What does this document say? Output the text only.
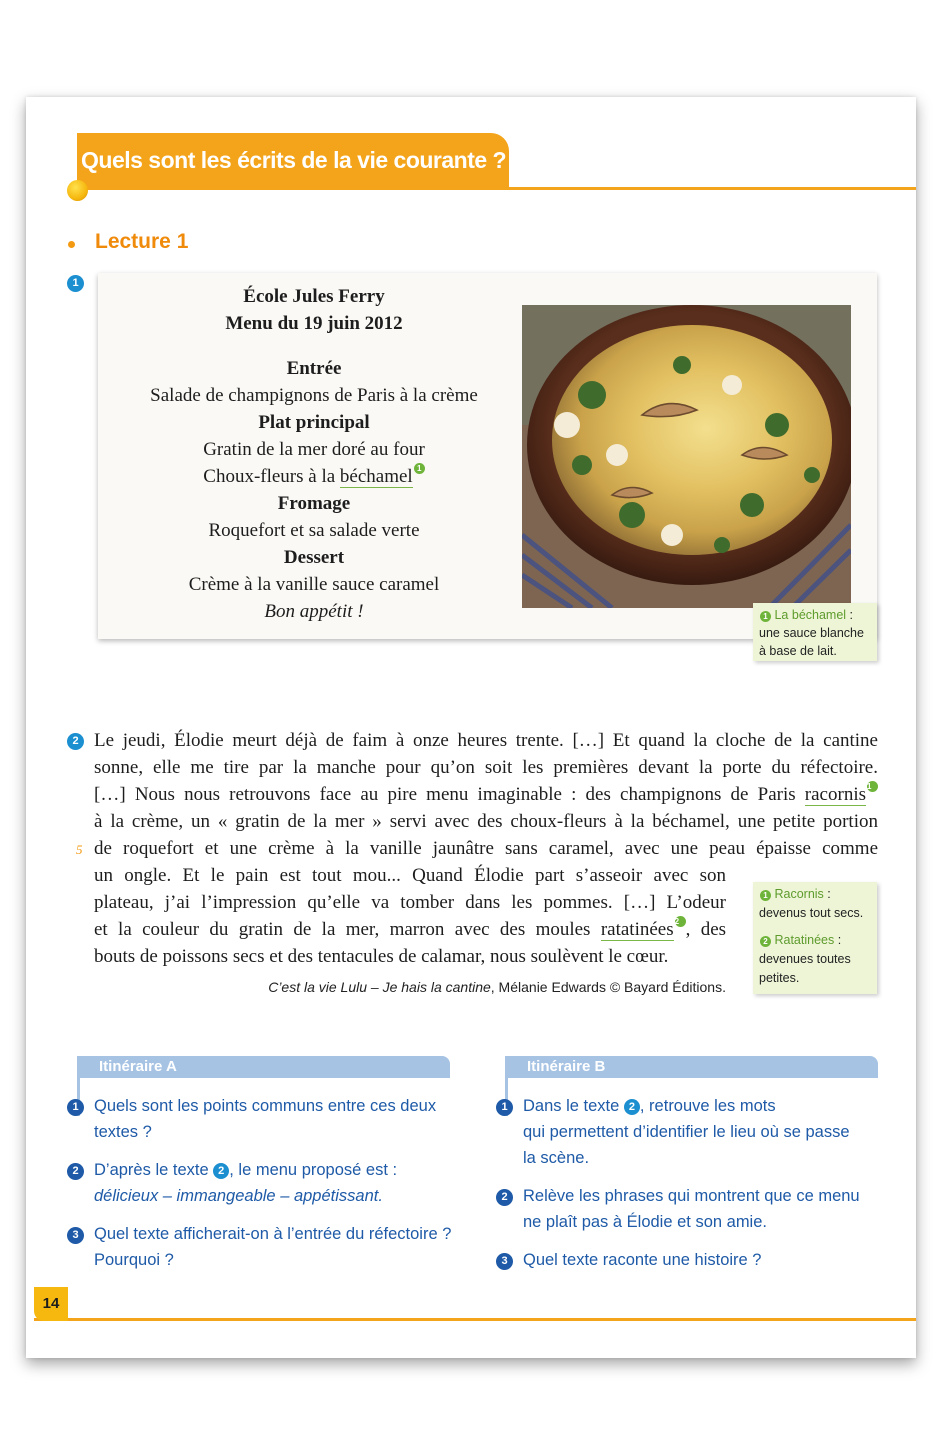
Quels sont les écrits de la vie courante ?
Lecture 1
1
École Jules Ferry
Menu du 19 juin 2012
Entrée
Salade de champignons de Paris à la crème
Plat principal
Gratin de la mer doré au four
Choux-fleurs à la béchamel 1
Fromage
Roquefort et sa salade verte
Dessert
Crème à la vanille sauce caramel
Bon appétit !	1 La béchamel :
une sauce blanche
à base de lait.
2
5
Le jeudi, Élodie meurt déjà de faim à onze heures trente. […] Et quand la cloche de la cantine
sonne, elle me tire par la manche pour qu’on soit les premières devant la porte du réfectoire.
[…] Nous nous retrouvons face au pire menu imaginable : des champignons de Paris racornis1
à la crème, un « gratin de la mer » servi avec des choux-fleurs à la béchamel, une petite portion
de roquefort et une crème à la vanille jaunâtre sans caramel, avec une peau épaisse comme
un ongle. Et le pain est tout mou... Quand Élodie part s’asseoir avec son
plateau, j’ai l’impression qu’elle va tomber dans les pommes. […] L’odeur
et la couleur du gratin de la mer, marron avec des moules ratatinées2 , des
bouts de poissons secs et des tentacules de calamar, nous soulèvent le cœur.
C’est la vie Lulu – Je hais la cantine, Mélanie Edwards © Bayard Éditions.
1 Racornis :
devenus tout secs.
2 Ratatinées :
devenues toutes
petites.
Itinéraire A
1 Quels sont les points communs entre ces deux
textes ?
2 D’après le texte 2 , le menu proposé est :
délicieux – immangeable – appétissant.
3 Quel texte afficherait-on à l’entrée du réfectoire ?
Pourquoi ?
Itinéraire B
1 Dans le texte 2 , retrouve les mots
qui permettent d’identifier le lieu où se passe
la scène.
2 Relève les phrases qui montrent que ce menu
ne plaît pas à Élodie et son amie.
3 Quel texte raconte une histoire ?
14
